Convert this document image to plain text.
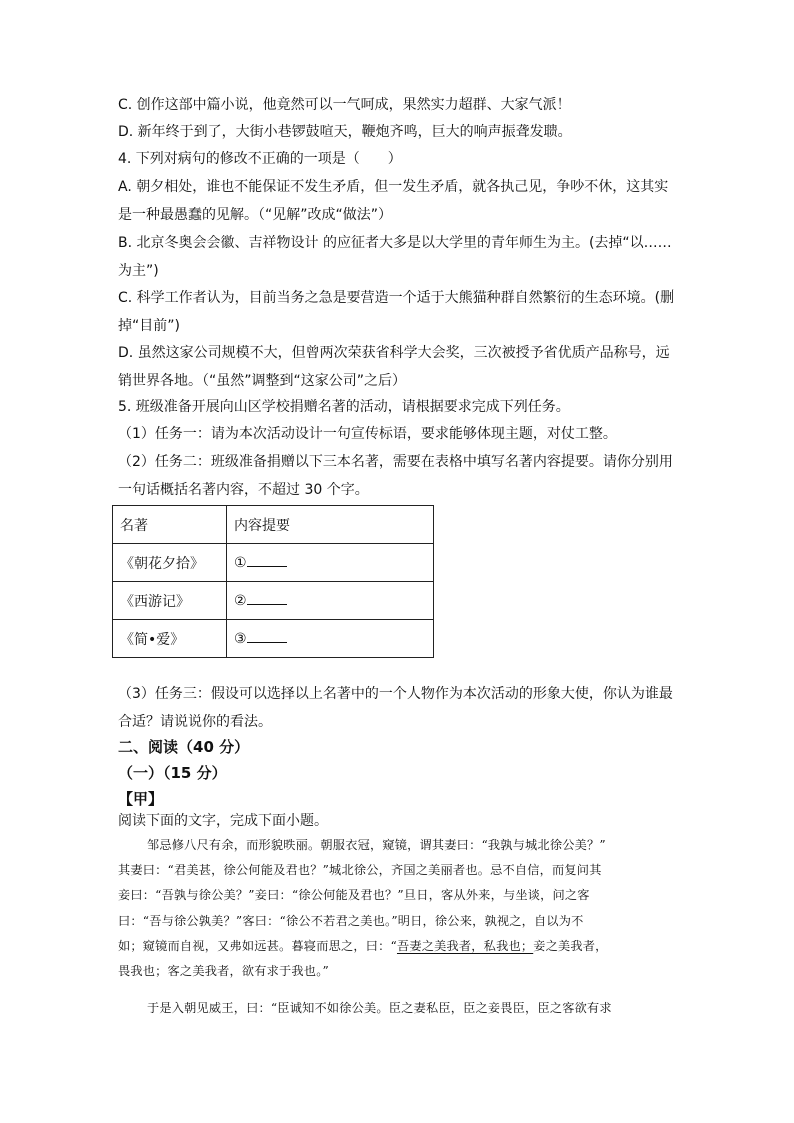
C. 创作这部中篇小说，他竟然可以一气呵成，果然实力超群、大家气派！
D. 新年终于到了，大街小巷锣鼓喧天，鞭炮齐鸣，巨大的响声振聋发聩。
4. 下列对病句的修改不正确的一项是（　　）
A. 朝夕相处，谁也不能保证不发生矛盾，但一发生矛盾，就各执己见，争吵不休，这其实
是一种最愚蠢的见解。（“见解”改成“做法”）
B. 北京冬奥会会徽、吉祥物设计 的应征者大多是以大学里的青年师生为主。(去掉“以……
为主”)
C. 科学工作者认为，目前当务之急是要营造一个适于大熊猫种群自然繁衍的生态环境。(删
掉“目前”)
D. 虽然这家公司规模不大，但曾两次荣获省科学大会奖，三次被授予省优质产品称号，远
销世界各地。（“虽然”调整到“这家公司”之后）
5. 班级准备开展向山区学校捐赠名著的活动，请根据要求完成下列任务。
（1）任务一：请为本次活动设计一句宣传标语，要求能够体现主题，对仗工整。
（2）任务二：班级准备捐赠以下三本名著，需要在表格中填写名著内容提要。请你分别用
一句话概括名著内容，不超过 30 个字。
（3）任务三：假设可以选择以上名著中的一个人物作为本次活动的形象大使，你认为谁最
合适？请说说你的看法。
名著	内容提要
《朝花夕拾》	①
《西游记》	②
《简•爱》	③
二、阅读（40 分）
（一）（15 分）
【甲】
阅读下面的文字，完成下面小题。
邹忌修八尺有余，而形貌昳丽。朝服衣冠，窥镜，谓其妻曰：“我孰与城北徐公美？”
其妻曰：“君美甚，徐公何能及君也？”城北徐公，齐国之美丽者也。忌不自信，而复问其
妾曰：“吾孰与徐公美？”妾曰：“徐公何能及君也？”旦日，客从外来，与坐谈，问之客
曰：“吾与徐公孰美？”客曰：“徐公不若君之美也。”明日，徐公来，孰视之，自以为不
如；窥镜而自视，又弗如远甚。暮寝而思之，曰：“吾妻之美我者，私我也；妾之美我者，
畏我也；客之美我者，欲有求于我也。”
于是入朝见威王，曰：“臣诚知不如徐公美。臣之妻私臣，臣之妾畏臣，臣之客欲有求
